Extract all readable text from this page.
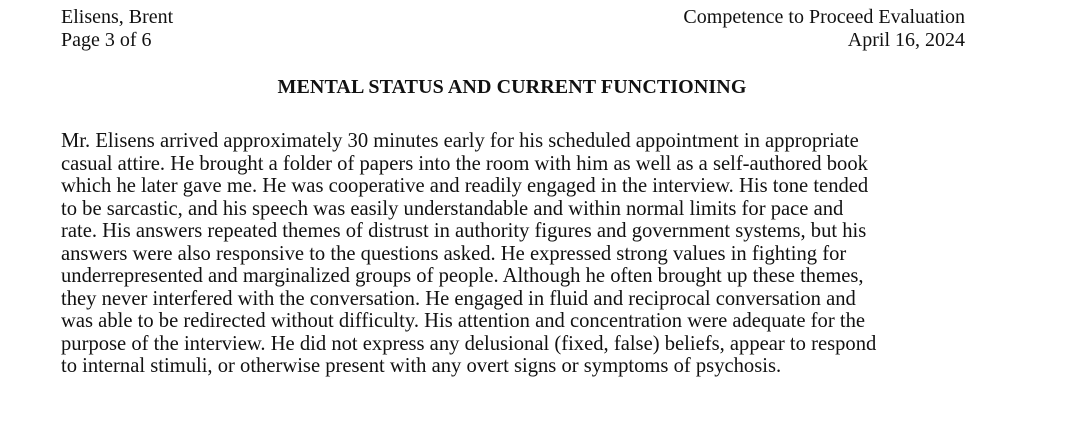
Elisens, Brent
Page 3 of 6
Competence to Proceed Evaluation
April 16, 2024
MENTAL STATUS AND CURRENT FUNCTIONING
Mr. Elisens arrived approximately 30 minutes early for his scheduled appointment in appropriate
casual attire. He brought a folder of papers into the room with him as well as a self-authored book
which he later gave me. He was cooperative and readily engaged in the interview. His tone tended
to be sarcastic, and his speech was easily understandable and within normal limits for pace and
rate. His answers repeated themes of distrust in authority figures and government systems, but his
answers were also responsive to the questions asked. He expressed strong values in fighting for
underrepresented and marginalized groups of people. Although he often brought up these themes,
they never interfered with the conversation. He engaged in fluid and reciprocal conversation and
was able to be redirected without difficulty. His attention and concentration were adequate for the
purpose of the interview. He did not express any delusional (fixed, false) beliefs, appear to respond
to internal stimuli, or otherwise present with any overt signs or symptoms of psychosis.
